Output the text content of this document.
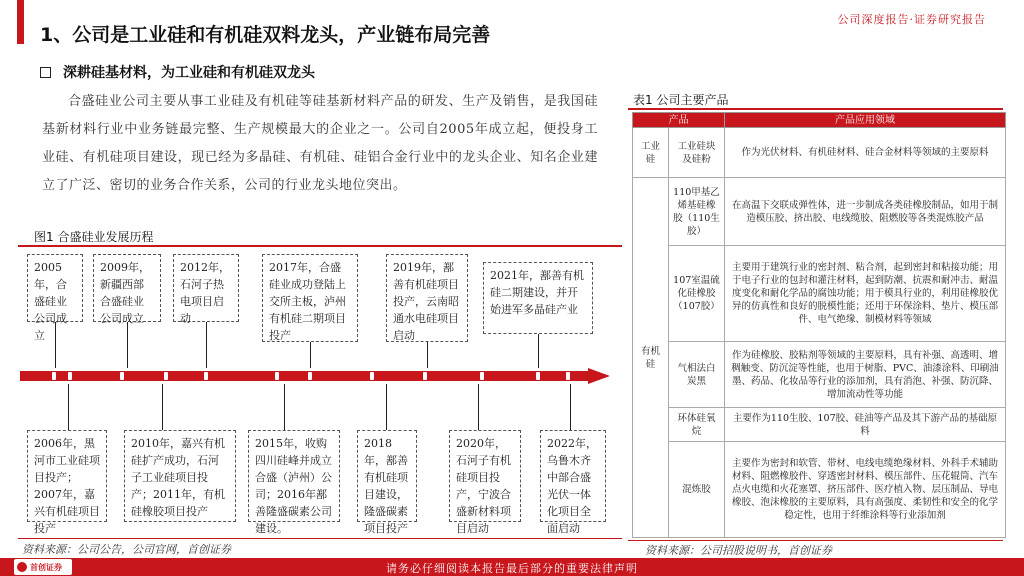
1、公司是工业硅和有机硅双料龙头，产业链布局完善
公司深度报告·证券研究报告
深耕硅基材料，为工业硅和有机硅双龙头
合盛硅业公司主要从事工业硅及有机硅等硅基新材料产品的研发、生产及销售，是我国硅基新材料行业中业务链最完整、生产规模最大的企业之一。公司自2005年成立起，便投身工业硅、有机硅项目建设，现已经为多晶硅、有机硅、硅铝合金行业中的龙头企业、知名企业建立了广泛、密切的业务合作关系，公司的行业龙头地位突出。
图1 合盛硅业发展历程
2005年，合盛硅业公司成立
2009年，新疆西部合盛硅业公司成立
2012年，石河子热电项目启动
2017年，合盛硅业成功登陆上交所主板，泸州有机硅二期项目投产
2019年，鄯善有机硅项目投产，云南昭通水电硅项目启动
2021年，鄯善有机硅二期建设，并开始进军多晶硅产业
2006年，黑河市工业硅项目投产；2007年，嘉兴有机硅项目投产
2010年，嘉兴有机硅扩产成功，石河子工业硅项目投产；2011年，有机硅橡胶项目投产
2015年，收购四川硅峰并成立合盛（泸州）公司；2016年鄯善隆盛碳素公司建设。
2018年，鄯善有机硅项目建设，隆盛碳素项目投产
2020年，石河子有机硅项目投产，宁波合盛新材料项目启动
2022年，乌鲁木齐中部合盛光伏一体化项目全面启动
资料来源：公司公告，公司官网，首创证券
表1 公司主要产品
产品		产品应用领域
工业硅	工业硅块及硅粉	作为光伏材料、有机硅材料、硅合金材料等领域的主要原料
有机硅	110甲基乙烯基硅橡胶（110生胶）	在高温下交联成弹性体，进一步制成各类硅橡胶制品，如用于制造模压胶、挤出胶、电线缆胶、阻燃胶等各类混炼胶产品
	107室温硫化硅橡胶（107胶）	主要用于建筑行业的密封剂、粘合剂，起到密封和粘接功能；用于电子行业的包封和灌注材料，起到防潮、抗震和耐冲击、耐温度变化和耐化学品的腐蚀功能；用于模具行业的，利用硅橡胶优异的仿真性和良好的脱模性能；还用于环保涂料、垫片、模压部件、电气绝缘、制模材料等领域
	气相法白炭黑	作为硅橡胶、胶粘剂等领域的主要原料，具有补强、高透明、增稠触变、防沉淀等性能，也用于树脂、PVC、油漆涂料、印刷油墨、药品、化妆品等行业的添加剂，具有消泡、补强、防沉降、增加流动性等功能
	环体硅氧烷	主要作为110生胶、107胶、硅油等产品及其下游产品的基础原料
	混炼胶	主要作为密封和软管、带材、电线电缆绝缘材料、外科手术辅助材料、阻燃橡胶件、穿透密封材料、模压部件、压花辊筒、汽车点火电缆和火花塞罩、挤压部件、医疗植入物、层压制品、导电橡胶、泡沫橡胶的主要原料，具有高强度、柔韧性和安全的化学稳定性，也用于纤维涂料等行业添加剂
资料来源：公司招股说明书，首创证券
请务必仔细阅读本报告最后部分的重要法律声明
首创证券
